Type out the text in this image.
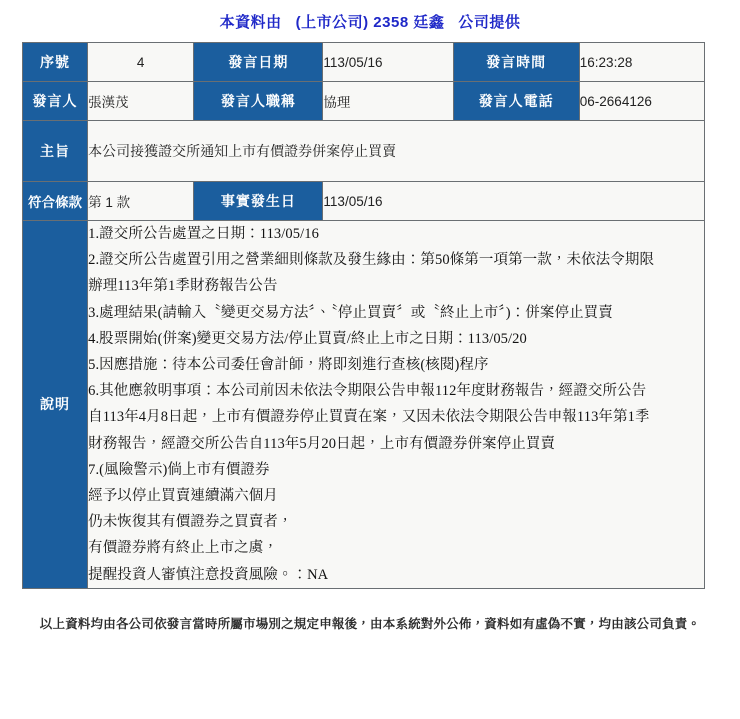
本資料由 (上市公司) 2358 廷鑫 公司提供
序號	4	發言日期	113/05/16	發言時間	16:23:28
發言人	張漢茂	發言人職稱	協理	發言人電話	06-2664126
主旨	本公司接獲證交所通知上市有價證券併案停止買賣				
符合條款	第 1 款	事實發生日	113/05/16		
說明	

1.證交所公告處置之日期：113/05/16

2.證交所公告處置引用之營業細則條款及發生緣由：第50條第一項第一款，未依法令期限

辦理113年第1季財務報告公告

3.處理結果(請輸入〝變更交易方法〞、〝停止買賣〞或〝終止上市〞)：併案停止買賣

4.股票開始(併案)變更交易方法/停止買賣/終止上市之日期：113/05/20

5.因應措施：待本公司委任會計師，將即刻進行查核(核閱)程序

6.其他應敘明事項：本公司前因未依法令期限公告申報112年度財務報告，經證交所公告

自113年4月8日起，上市有價證券停止買賣在案，又因未依法令期限公告申報113年第1季

財務報告，經證交所公告自113年5月20日起，上市有價證券併案停止買賣

7.(風險警示)倘上市有價證券

經予以停止買賣連續滿六個月

仍未恢復其有價證券之買賣者，

有價證券將有終止上市之虞，

提醒投資人審慎注意投資風險。：NA

以上資料均由各公司依發言當時所屬市場別之規定申報後，由本系統對外公佈，資料如有虛偽不實，均由該公司負責。
